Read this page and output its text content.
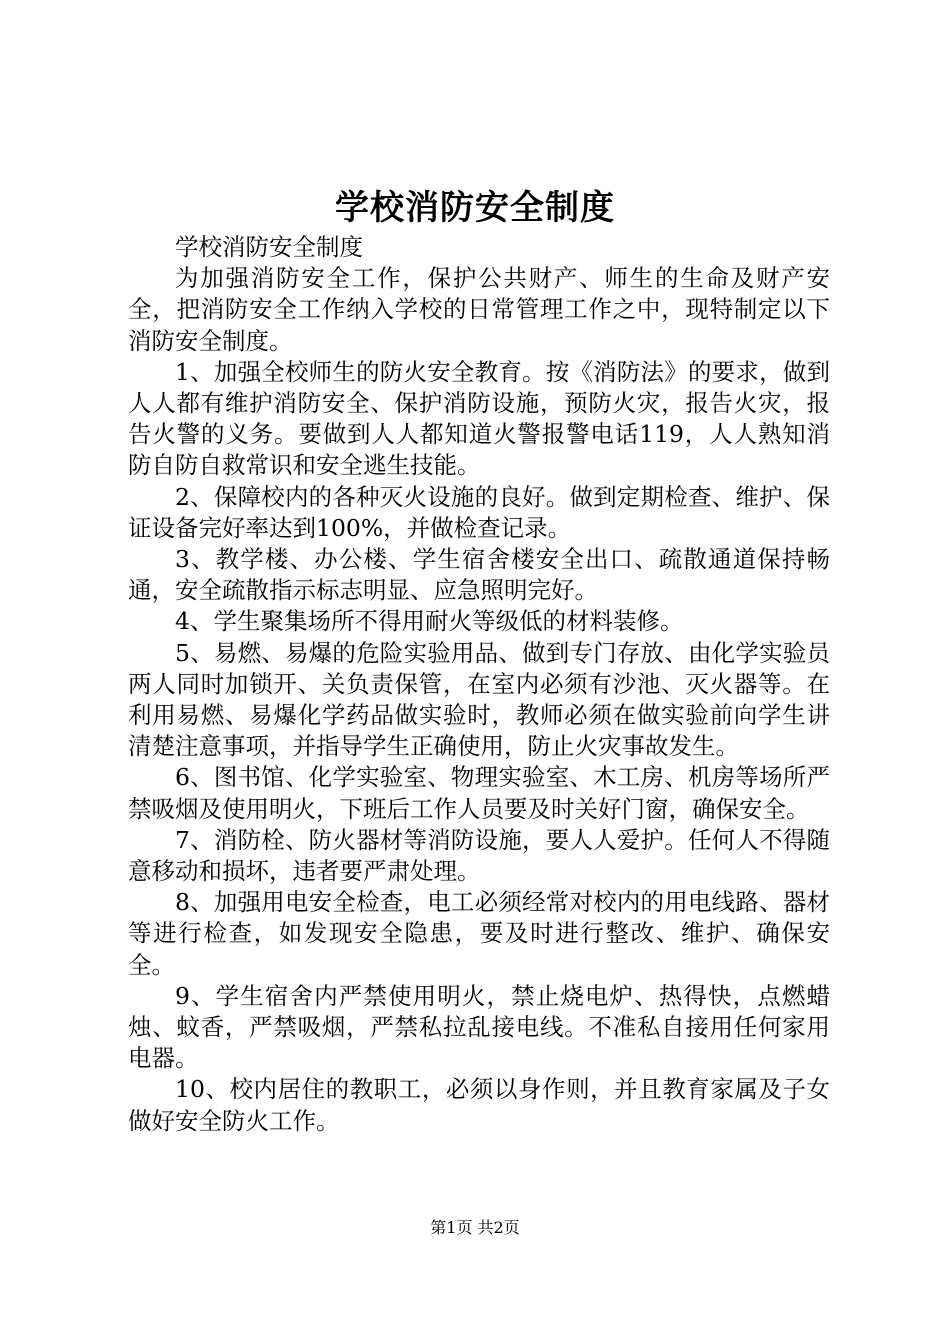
学校消防安全制度

学校消防安全制度

为加强消防安全工作，保护公共财产、师生的生命及财产安全，把消防安全工作纳入学校的日常管理工作之中，现特制定以下消防安全制度。

1、加强全校师生的防火安全教育。按《消防法》的要求，做到人人都有维护消防安全、保护消防设施，预防火灾，报告火灾，报告火警的义务。要做到人人都知道火警报警电话119，人人熟知消防自防自救常识和安全逃生技能。

2、保障校内的各种灭火设施的良好。做到定期检查、维护、保证设备完好率达到100%，并做检查记录。

3、教学楼、办公楼、学生宿舍楼安全出口、疏散通道保持畅通，安全疏散指示标志明显、应急照明完好。

4、学生聚集场所不得用耐火等级低的材料装修。

5、易燃、易爆的危险实验用品、做到专门存放、由化学实验员两人同时加锁开、关负责保管，在室内必须有沙池、灭火器等。在利用易燃、易爆化学药品做实验时，教师必须在做实验前向学生讲清楚注意事项，并指导学生正确使用，防止火灾事故发生。

6、图书馆、化学实验室、物理实验室、木工房、机房等场所严禁吸烟及使用明火，下班后工作人员要及时关好门窗，确保安全。

7、消防栓、防火器材等消防设施，要人人爱护。任何人不得随意移动和损坏，违者要严肃处理。

8、加强用电安全检查，电工必须经常对校内的用电线路、器材等进行检查，如发现安全隐患，要及时进行整改、维护、确保安全。

9、学生宿舍内严禁使用明火，禁止烧电炉、热得快，点燃蜡烛、蚊香，严禁吸烟，严禁私拉乱接电线。不准私自接用任何家用电器。

10、校内居住的教职工，必须以身作则，并且教育家属及子女做好安全防火工作。

第1页 共2页
